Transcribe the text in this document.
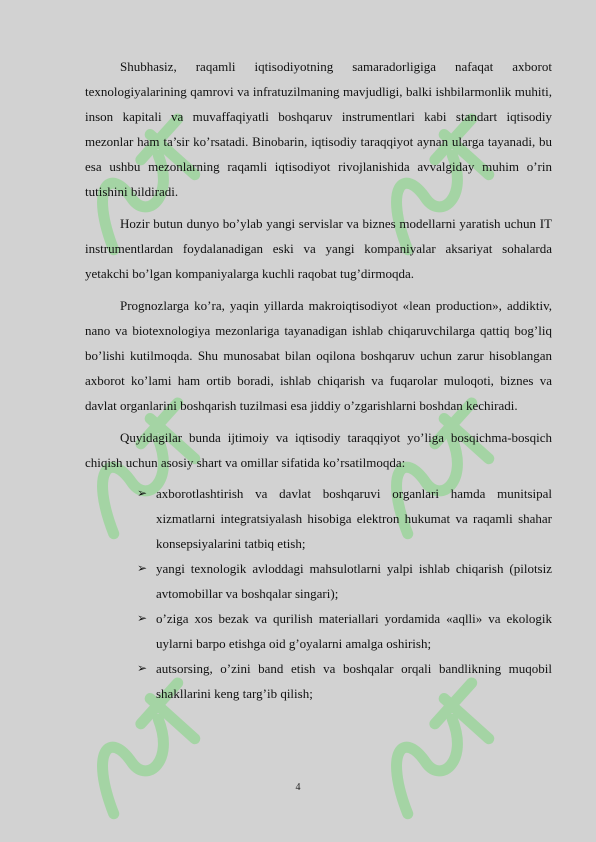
Shubhasiz, raqamli iqtisodiyotning samaradorligiga nafaqat axborot texnologiyalarining qamrovi va infratuzilmaning mavjudligi, balki ishbilarmonlik muhiti, inson kapitali va muvaffaqiyatli boshqaruv instrumentlari kabi standart iqtisodiy mezonlar ham ta’sir ko’rsatadi. Binobarin, iqtisodiy taraqqiyot aynan ularga tayanadi, bu esa ushbu mezonlarning raqamli iqtisodiyot rivojlanishida avvalgiday muhim o’rin tutishini bildiradi.

Hozir butun dunyo bo’ylab yangi servislar va biznes modellarni yaratish uchun IT instrumentlardan foydalanadigan eski va yangi kompaniyalar aksariyat sohalarda yetakchi bo’lgan kompaniyalarga kuchli raqobat tug’dirmoqda.

Prognozlarga ko’ra, yaqin yillarda makroiqtisodiyot «lean production», addiktiv, nano va biotexnologiya mezonlariga tayanadigan ishlab chiqaruvchilarga qattiq bog’liq bo’lishi kutilmoqda. Shu munosabat bilan oqilona boshqaruv uchun zarur hisoblangan axborot ko’lami ham ortib boradi, ishlab chiqarish va fuqarolar muloqoti, biznes va davlat organlarini boshqarish tuzilmasi esa jiddiy o’zgarishlarni boshdan kechiradi.

Quyidagilar bunda ijtimoiy va iqtisodiy taraqqiyot yo’liga bosqichma-bosqich chiqish uchun asosiy shart va omillar sifatida ko’rsatilmoqda:

➢ axborotlashtirish va davlat boshqaruvi organlari hamda munitsipal xizmatlarni integratsiyalash hisobiga elektron hukumat va raqamli shahar konsepsiyalarini tatbiq etish;
➢ yangi texnologik avloddagi mahsulotlarni yalpi ishlab chiqarish (pilotsiz avtomobillar va boshqalar singari);
➢ o’ziga xos bezak va qurilish materiallari yordamida «aqlli» va ekologik uylarni barpo etishga oid g’oyalarni amalga oshirish;
➢ autsorsing, o’zini band etish va boshqalar orqali bandlikning muqobil shakllarini keng targ’ib qilish;
4
